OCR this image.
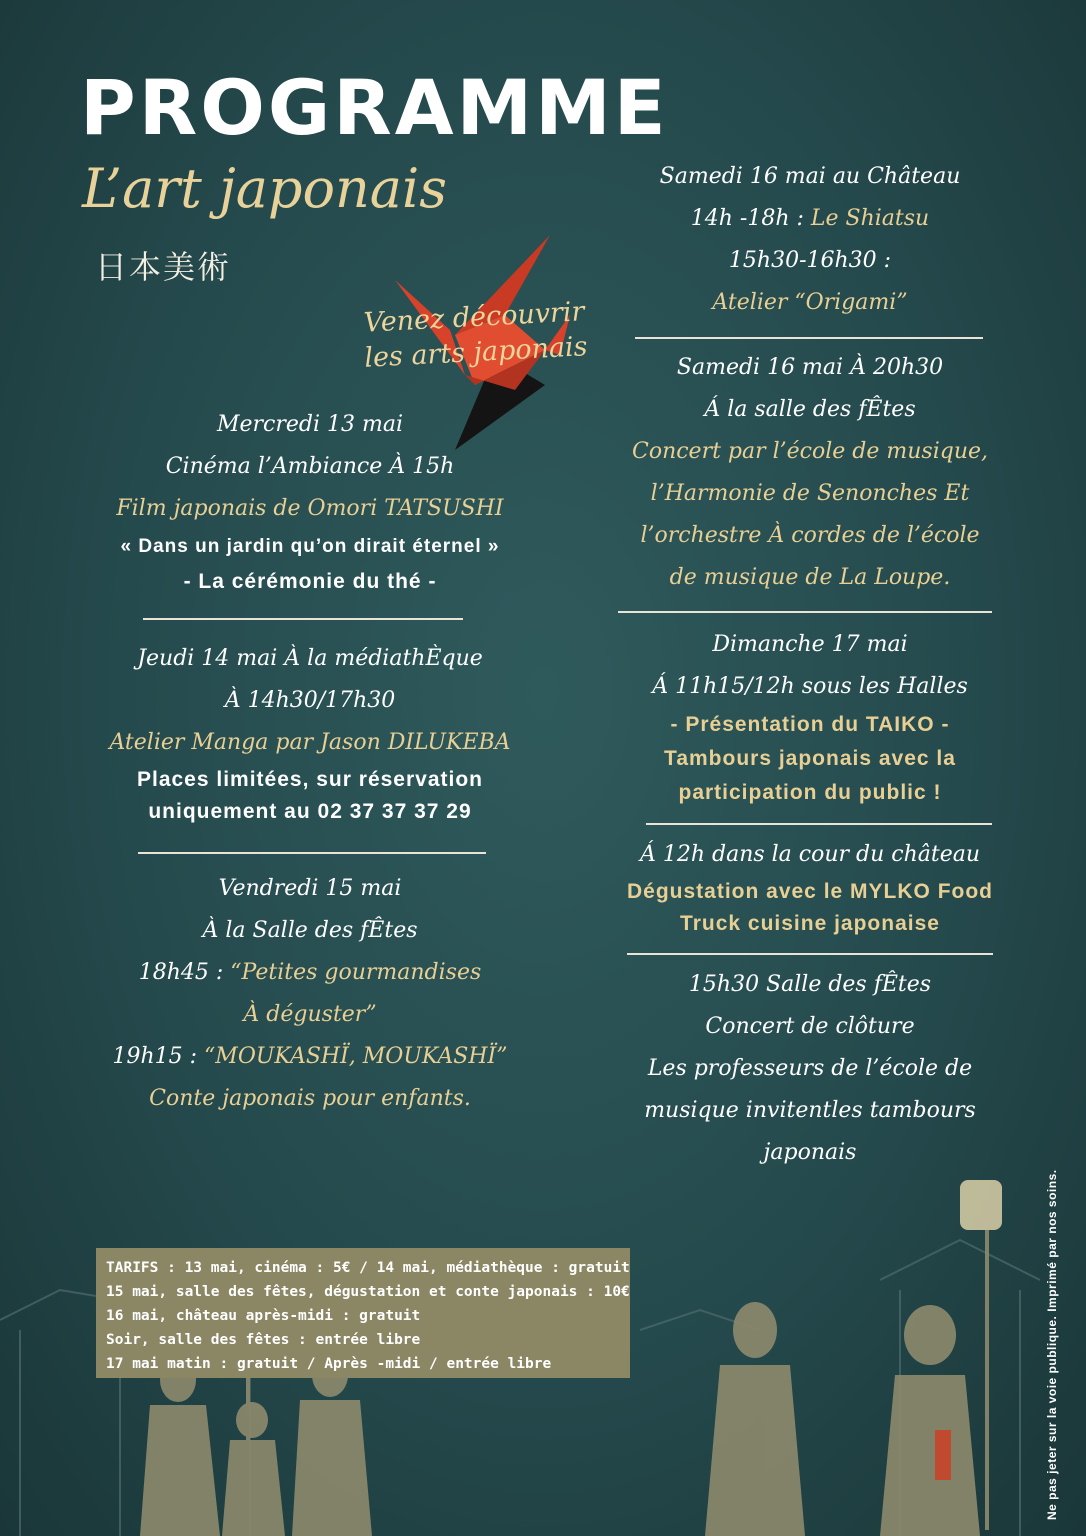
PROGRAMME
L’art japonais
日本美術
Venez découvrir
les arts japonais
Mercredi 13 mai
Cinéma l’Ambiance À 15h
Film japonais de Omori TATSUSHI
« Dans un jardin qu’on dirait éternel »
- La cérémonie du thé -
Jeudi 14 mai À la médiathÈque
À 14h30/17h30
Atelier Manga par Jason DILUKEBA
Places limitées, sur réservation
uniquement au 02 37 37 37 29
Vendredi 15 mai
À la Salle des fÊtes
18h45 : “Petites gourmandises
À déguster”
19h15 : “MOUKASHÏ, MOUKASHÏ”
Conte japonais pour enfants.
Samedi 16 mai au Château
14h -18h : Le Shiatsu
15h30-16h30 :
Atelier “Origami”
Samedi 16 mai À 20h30
Á la salle des fÊtes
Concert par l’école de musique,
l’Harmonie de Senonches Et
l’orchestre À cordes de l’école
de musique de La Loupe.
Dimanche 17 mai
Á 11h15/12h sous les Halles
- Présentation du TAIKO -
Tambours japonais avec la
participation du public !
Á 12h dans la cour du château
Dégustation avec le MYLKO Food
Truck cuisine japonaise
15h30 Salle des fÊtes
Concert de clôture
Les professeurs de l’école de
musique invitentles tambours
japonais
TARIFS : 13 mai, cinéma : 5€ / 14 mai, médiathèque : gratuit
15 mai, salle des fêtes, dégustation et conte japonais : 10€
16 mai, château après-midi : gratuit
Soir, salle des fêtes : entrée libre
17 mai matin : gratuit / Après -midi / entrée libre	Ne pas jeter sur la voie publique. Imprimé par nos soins.
